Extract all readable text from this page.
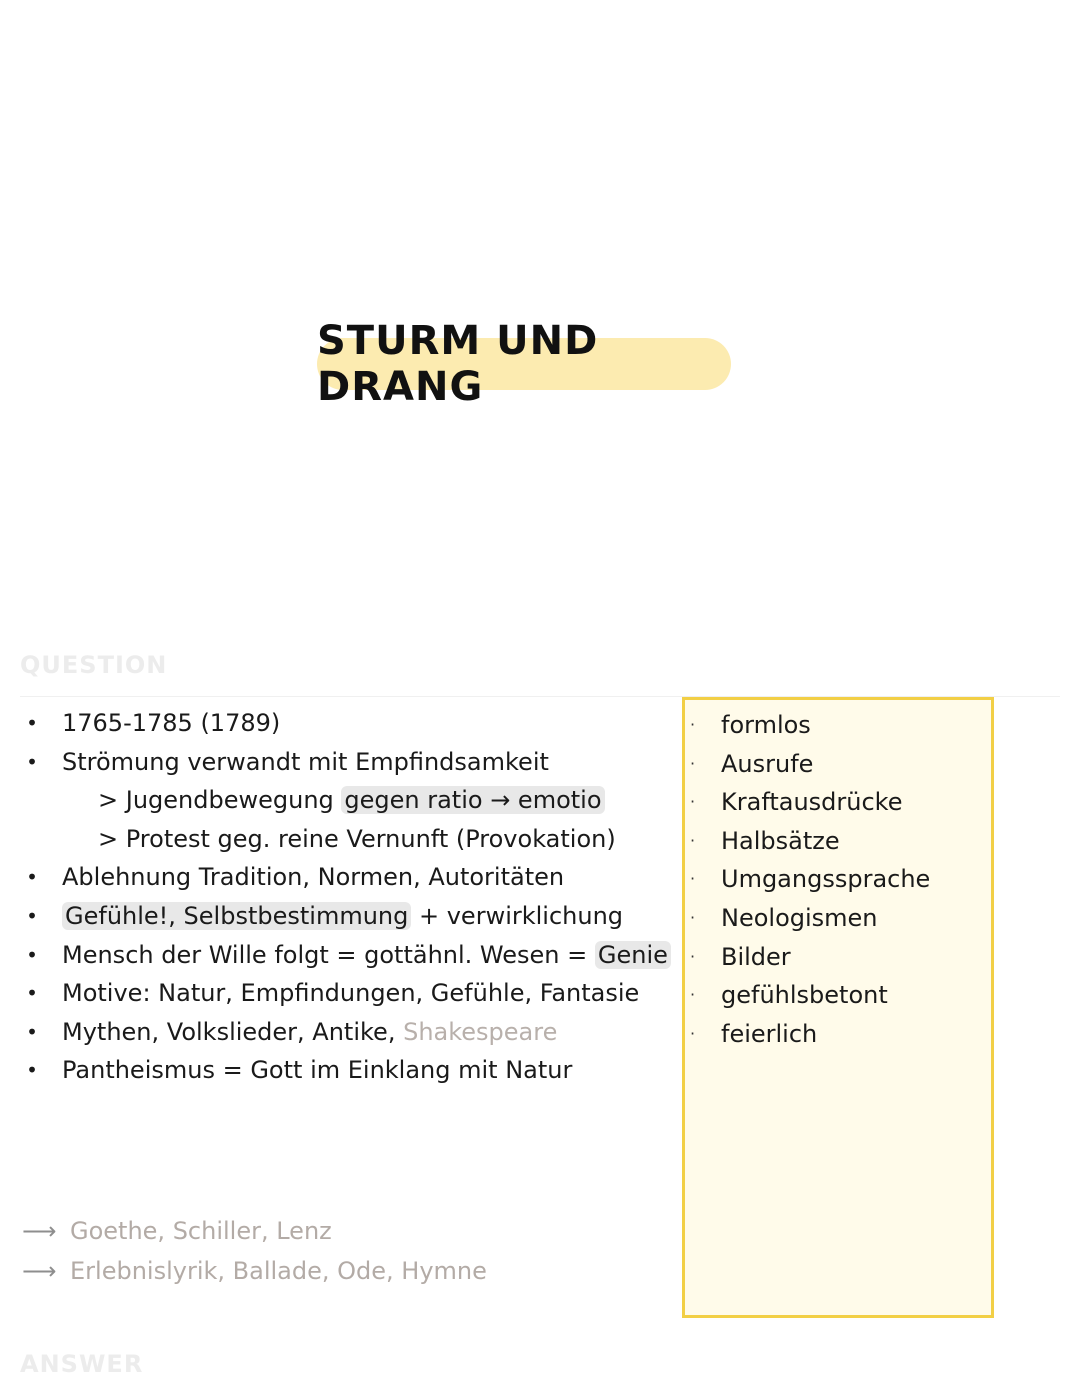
STURM UND DRANG
QUESTION
• 1765-1785 (1789)
• Strömung verwandt mit Empfindsamkeit
> Jugendbewegung gegen ratio → emotio
> Protest geg. reine Vernunft (Provokation)
• Ablehnung Tradition, Normen, Autoritäten
• Gefühle!, Selbstbestimmung + verwirklichung
• Mensch der Wille folgt = gottähnl. Wesen = Genie
• Motive: Natur, Empfindungen, Gefühle, Fantasie
• Mythen, Volkslieder, Antike, Shakespeare
• Pantheismus = Gott im Einklang mit Natur
⟶ Goethe, Schiller, Lenz
⟶ Erlebnislyrik, Ballade, Ode, Hymne
· formlos
· Ausrufe
· Kraftausdrücke
· Halbsätze
· Umgangssprache
· Neologismen
· Bilder
· gefühlsbetont
· feierlich
ANSWER
